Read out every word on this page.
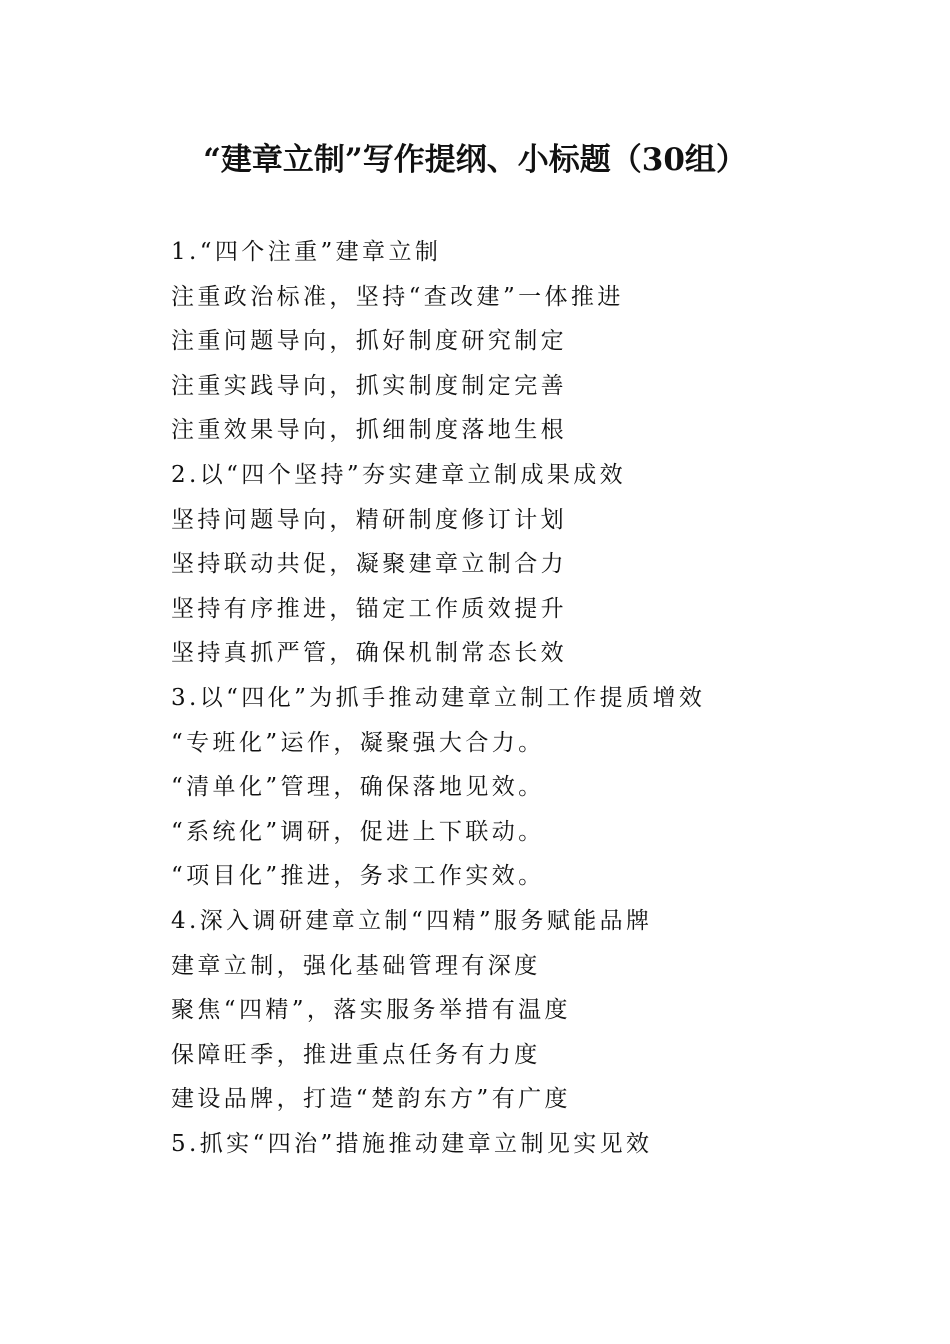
“建章立制”写作提纲、小标题（30组）
1.“四个注重”建章立制
注重政治标准，坚持“查改建”一体推进
注重问题导向，抓好制度研究制定
注重实践导向，抓实制度制定完善
注重效果导向，抓细制度落地生根
2.以“四个坚持”夯实建章立制成果成效
坚持问题导向，精研制度修订计划
坚持联动共促，凝聚建章立制合力
坚持有序推进，锚定工作质效提升
坚持真抓严管，确保机制常态长效
3.以“四化”为抓手推动建章立制工作提质增效
“专班化”运作，凝聚强大合力。
“清单化”管理，确保落地见效。
“系统化”调研，促进上下联动。
“项目化”推进，务求工作实效。
4.深入调研建章立制“四精”服务赋能品牌
建章立制，强化基础管理有深度
聚焦“四精”，落实服务举措有温度
保障旺季，推进重点任务有力度
建设品牌，打造“楚韵东方”有广度
5.抓实“四治”措施推动建章立制见实见效
